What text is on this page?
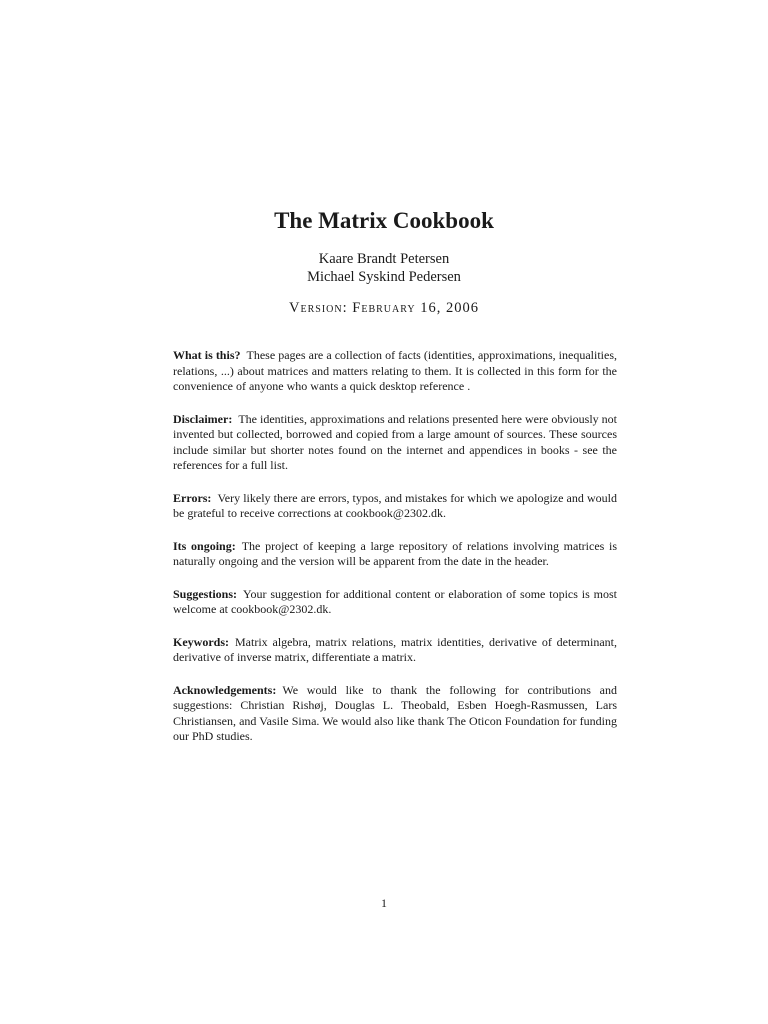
The Matrix Cookbook
Kaare Brandt Petersen
Michael Syskind Pedersen
Version: February 16, 2006

What is this? These pages are a collection of facts (identities, approximations, inequalities, relations, ...) about matrices and matters relating to them. It is collected in this form for the convenience of anyone who wants a quick desktop reference .

Disclaimer: The identities, approximations and relations presented here were obviously not invented but collected, borrowed and copied from a large amount of sources. These sources include similar but shorter notes found on the internet and appendices in books - see the references for a full list.

Errors: Very likely there are errors, typos, and mistakes for which we apologize and would be grateful to receive corrections at cookbook@2302.dk.

Its ongoing: The project of keeping a large repository of relations involving matrices is naturally ongoing and the version will be apparent from the date in the header.

Suggestions: Your suggestion for additional content or elaboration of some topics is most welcome at cookbook@2302.dk.

Keywords: Matrix algebra, matrix relations, matrix identities, derivative of determinant, derivative of inverse matrix, differentiate a matrix.

Acknowledgements: We would like to thank the following for contributions and suggestions: Christian Rishøj, Douglas L. Theobald, Esben Hoegh-Rasmussen, Lars Christiansen, and Vasile Sima. We would also like thank The Oticon Foundation for funding our PhD studies.

1
